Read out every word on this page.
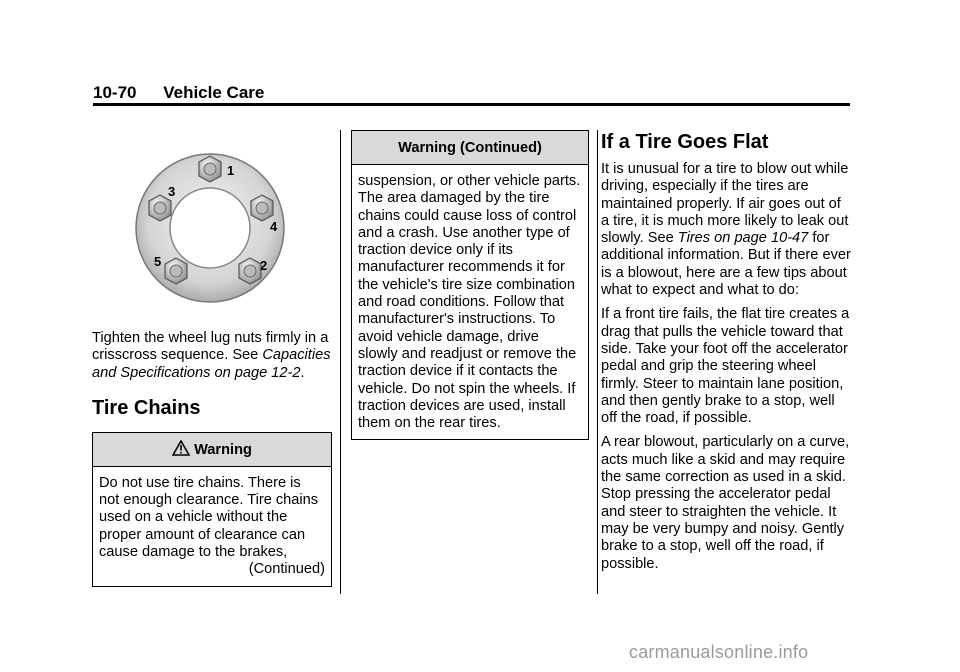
10-70 Vehicle Care
1
2
3
4
5

Tighten the wheel lug nuts firmly in a crisscross sequence. See Capacities and Specifications on page 12-2.

Tire Chains
Warning

Do not use tire chains. There is not enough clearance. Tire chains used on a vehicle without the proper amount of clearance can cause damage to the brakes,

(Continued)

Warning (Continued)

suspension, or other vehicle parts. The area damaged by the tire chains could cause loss of control and a crash. Use another type of traction device only if its manufacturer recommends it for the vehicle's tire size combination and road conditions. Follow that manufacturer's instructions. To avoid vehicle damage, drive slowly and readjust or remove the traction device if it contacts the vehicle. Do not spin the wheels. If traction devices are used, install them on the rear tires.

If a Tire Goes Flat

It is unusual for a tire to blow out while driving, especially if the tires are maintained properly. If air goes out of a tire, it is much more likely to leak out slowly. See Tires on page 10-47 for additional information. But if there ever is a blowout, here are a few tips about what to expect and what to do:

If a front tire fails, the flat tire creates a drag that pulls the vehicle toward that side. Take your foot off the accelerator pedal and grip the steering wheel firmly. Steer to maintain lane position, and then gently brake to a stop, well off the road, if possible.

A rear blowout, particularly on a curve, acts much like a skid and may require the same correction as used in a skid. Stop pressing the accelerator pedal and steer to straighten the vehicle. It may be very bumpy and noisy. Gently brake to a stop, well off the road, if possible.

carmanualsonline.info
